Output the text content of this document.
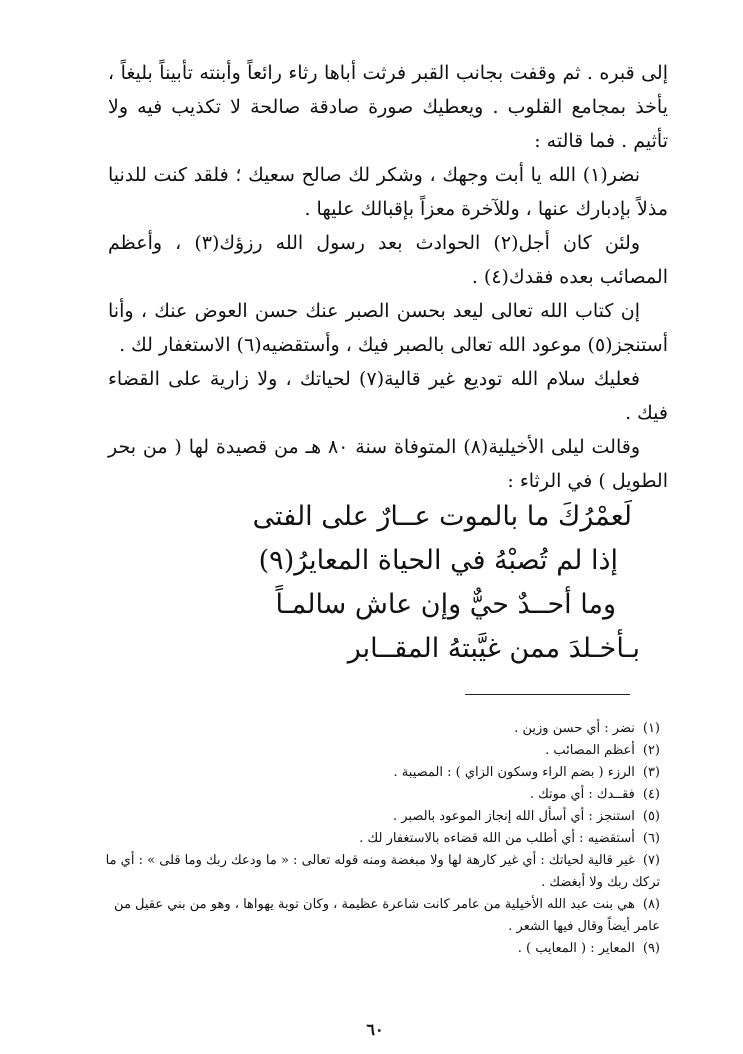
إلى قبره . ثم وقفت بجانب القبر فرثت أباها رثاء رائعاً وأبنته تأبيناً بليغاً ، يأخذ بمجامع القلوب . ويعطيك صورة صادقة صالحة لا تكذيب فيه ولا تأثيم . فما قالته :

نضر(١) الله يا أبت وجهك ، وشكر لك صالح سعيك ؛ فلقد كنت للدنيا مذلاً بإدبارك عنها ، وللآخرة معزاً بإقبالك عليها .

ولئن كان أجل(٢) الحوادث بعد رسول الله رزؤك(٣) ، وأعظم المصائب بعده فقدك(٤) .

إن كتاب الله تعالى ليعد بحسن الصبر عنك حسن العوض عنك ، وأنا أستنجز(٥) موعود الله تعالى بالصبر فيك ، وأستقضيه(٦) الاستغفار لك .

فعليك سلام الله توديع غير قالية(٧) لحياتك ، ولا زارية على القضاء فيك .

وقالت ليلى الأخيلية(٨) المتوفاة سنة ٨٠ هـ من قصيدة لها ( من بحر الطويل ) في الرثاء :

لَعمْرُكَ ما بالموت عــارٌ على الفتى
إذا لم تُصبْهُ في الحياة المعايرُ(٩)
وما أحــدٌ حيٌّ وإن عاش سالمـاً
بـأخـلدَ ممن غيَّبتهُ المقــابر

(١)نضر : أي حسن وزين .

(٢)أعظم المصائب .

(٣)الرزء ( بضم الراء وسكون الزاي ) : المصيبة .

(٤)فقــدك : أي موتك .

(٥)استنجز : أي أسأل الله إنجاز الموعود بالصبر .

(٦)أستقضيه : أي أطلب من الله قضاءه بالاستغفار لك .

(٧)غير قالية لحياتك : أي غير كارهة لها ولا مبغضة ومنه قوله تعالى : « ما ودعك ربك وما قلى » : أي ما تركك ربك ولا أبغضك .

(٨)هي بنت عبد الله الأخيلية من عامر كانت شاعرة عظيمة ، وكان توبة يهواها ، وهو من بني عقيل من عامر أيضاً وقال فيها الشعر .

(٩)المعاير : ( المعايب ) .

٦٠
